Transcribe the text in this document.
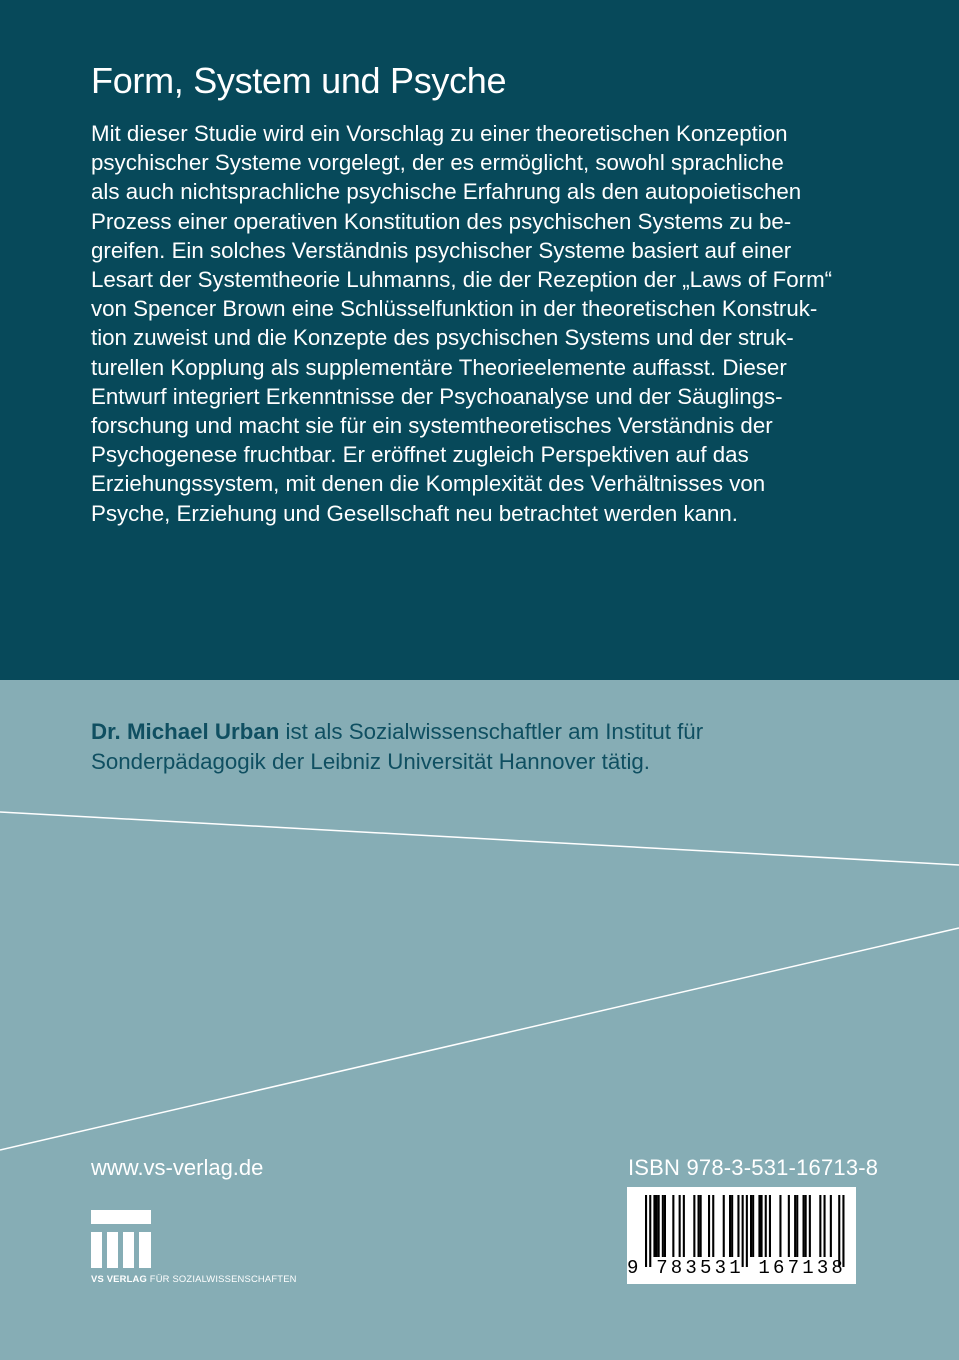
Form, System und Psyche

Mit dieser Studie wird ein Vorschlag zu einer theoretischen Konzeption
psychischer Systeme vorgelegt, der es ermöglicht, sowohl sprachliche
als auch nichtsprachliche psychische Erfahrung als den autopoietischen
Prozess einer operativen Konstitution des psychischen Systems zu be-
greifen. Ein solches Verständnis psychischer Systeme basiert auf einer
Lesart der Systemtheorie Luhmanns, die der Rezeption der „Laws of Form“
von Spencer Brown eine Schlüsselfunktion in der theoretischen Konstruk-
tion zuweist und die Konzepte des psychischen Systems und der struk-
turellen Kopplung als supplementäre Theorieelemente auffasst. Dieser
Entwurf integriert Erkenntnisse der Psychoanalyse und der Säuglings-
forschung und macht sie für ein systemtheoretisches Verständnis der
Psychogenese fruchtbar. Er eröffnet zugleich Perspektiven auf das
Erziehungssystem, mit denen die Komplexität des Verhältnisses von
Psyche, Erziehung und Gesellschaft neu betrachtet werden kann.

Dr. Michael Urban ist als Sozialwissenschaftler am Institut für
Sonderpädagogik der Leibniz Universität Hannover tätig.

www.vs-verlag.de

VS VERLAG FÜR SOZIALWISSENSCHAFTEN

ISBN 978-3-531-16713-8

9 783531 167138
